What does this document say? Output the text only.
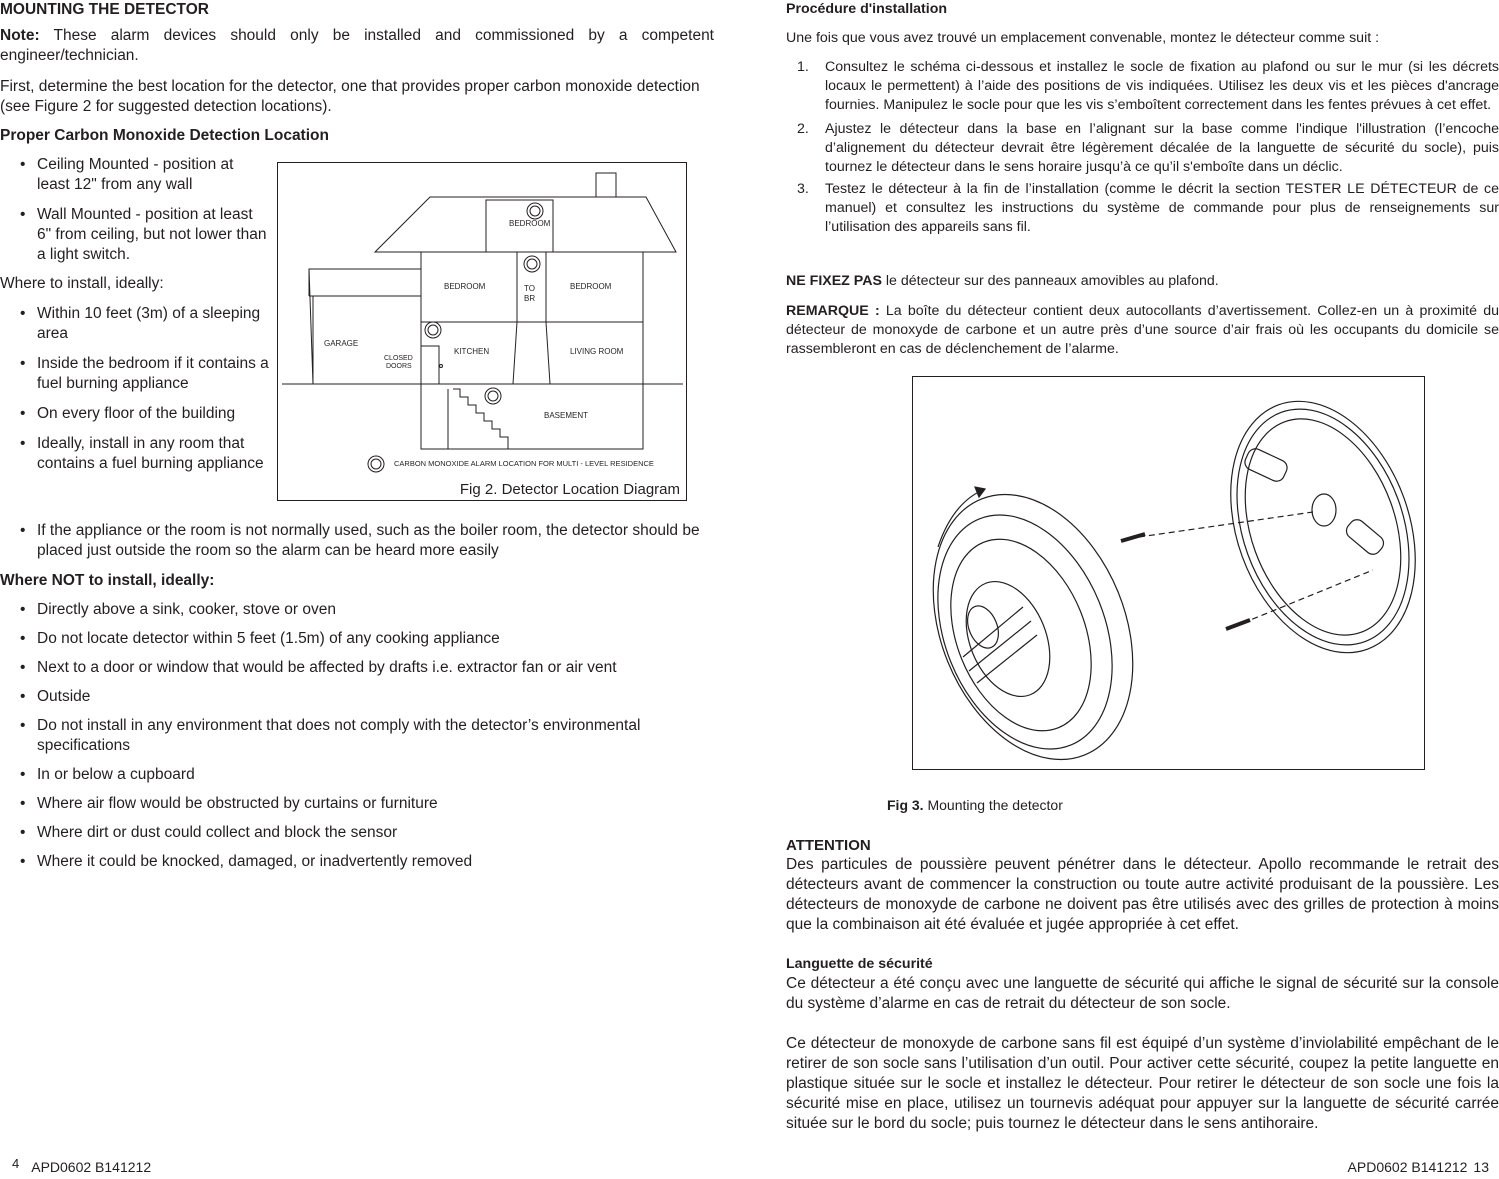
MOUNTING THE DETECTOR

Note: These alarm devices should only be installed and commissioned by a competent engineer/technician.

First, determine the best location for the detector, one that provides proper carbon monoxide detection (see Figure 2 for suggested detection locations).

Proper Carbon Monoxide Detection Location

• Ceiling Mounted - position at least 12" from any wall
• Wall Mounted - position at least 6" from ceiling, but not lower than a light switch.

Where to install, ideally:

• Within 10 feet (3m) of a sleeping area
• Inside the bedroom if it contains a fuel burning appliance
• On every floor of the building
• Ideally, install in any room that contains a fuel burning appliance
• If the appliance or the room is not normally used, such as the boiler room, the detector should be placed just outside the room so the alarm can be heard more easily

Where NOT to install, ideally:

• Directly above a sink, cooker, stove or oven
• Do not locate detector within 5 feet (1.5m) of any cooking appliance
• Next to a door or window that would be affected by drafts i.e. extractor fan or air vent
• Outside
• Do not install in any environment that does not comply with the detector’s environmental specifications
• In or below a cupboard
• Where air flow would be obstructed by curtains or furniture
• Where dirt or dust could collect and block the sensor
• Where it could be knocked, damaged, or inadvertently removed
BEDROOM
BEDROOM	TO
BR
BEDROOM
GARAGE
CLOSED
DOORS
KITCHEN	LIVING ROOM
BASEMENT
CARBON MONOXIDE ALARM LOCATION FOR MULTI - LEVEL RESIDENCE
Fig 2. Detector Location Diagram

Procédure d'installation

Une fois que vous avez trouvé un emplacement convenable, montez le détecteur comme suit :

1. Consultez le schéma ci-dessous et installez le socle de fixation au plafond ou sur le mur (si les décrets locaux le permettent) à l’aide des positions de vis indiquées. Utilisez les deux vis et les pièces d'ancrage fournies. Manipulez le socle pour que les vis s’emboîtent correctement dans les fentes prévues à cet effet.
2. Ajustez le détecteur dans la base en l’alignant sur la base comme l'indique l'illustration (l’encoche d’alignement du détecteur devrait être légèrement décalée de la languette de sécurité du socle), puis tournez le détecteur dans le sens horaire jusqu’à ce qu’il s'emboîte dans un déclic.
3. Testez le détecteur à la fin de l’installation (comme le décrit la section TESTER LE DÉTECTEUR de ce manuel) et consultez les instructions du système de commande pour plus de renseignements sur l’utilisation des appareils sans fil.

NE FIXEZ PAS le détecteur sur des panneaux amovibles au plafond.

REMARQUE : La boîte du détecteur contient deux autocollants d’avertissement. Collez-en un à proximité du détecteur de monoxyde de carbone et un autre près d’une source d’air frais où les occupants du domicile se rassembleront en cas de déclenchement de l’alarme.

ATTENTION

Des particules de poussière peuvent pénétrer dans le détecteur. Apollo recommande le retrait des détecteurs avant de commencer la construction ou toute autre activité produisant de la poussière. Les détecteurs de monoxyde de carbone ne doivent pas être utilisés avec des grilles de protection à moins que la combinaison ait été évaluée et jugée appropriée à cet effet.

Languette de sécurité

Ce détecteur a été conçu avec une languette de sécurité qui affiche le signal de sécurité sur la console du système d’alarme en cas de retrait du détecteur de son socle.

Ce détecteur de monoxyde de carbone sans fil est équipé d’un système d’inviolabilité empêchant de le retirer de son socle sans l’utilisation d’un outil. Pour activer cette sécurité, coupez la petite languette en plastique située sur le socle et installez le détecteur. Pour retirer le détecteur de son socle une fois la sécurité mise en place, utilisez un tournevis adéquat pour appuyer sur la languette de sécurité carrée située sur le bord du socle; puis tournez le détecteur dans le sens antihoraire.

Fig 3. Mounting the detector
4 APD0602 B141212	APD0602 B141212 13
